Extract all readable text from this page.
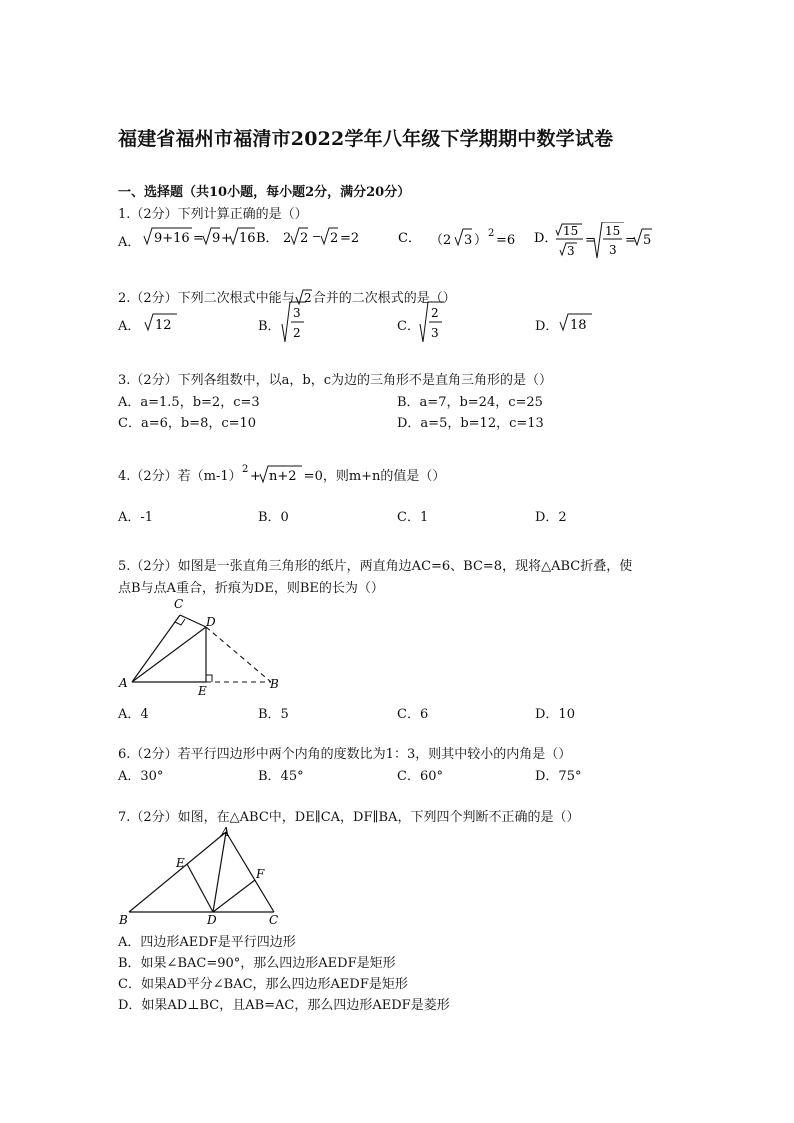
福建省福州市福清市2022学年八年级下学期期中数学试卷
一、选择题（共10小题，每小题2分，满分20分）
1.（2分）下列计算正确的是（）
A． 9+16 = 9 + 16 B． 2 2 − 2 =2	C． （2 3 ） 2 =6 D． 15
3
=
15
3
= 5
2.（2分）下列二次根式中能与 2 合并的二次根式的是（）
A． 12	B．
3
2	C．
2
3	D． 18
3.（2分）下列各组数中，以a，b，c为边的三角形不是直角三角形的是（）
A．a=1.5，b=2，c=3	B．a=7，b=24，c=25
C．a=6，b=8，c=10	D．a=5，b=12，c=13
4.（2分）若（m-1） 2 + n+2 =0，则m+n的值是（）
A．-1	B．0	C．1	D．2
5.（2分）如图是一张直角三角形的纸片，两直角边AC=6、BC=8，现将△ABC折叠，使
点B与点A重合，折痕为DE，则BE的长为（）
A	B
C
D
E
A．4	B．5	C．6	D．10
6.（2分）若平行四边形中两个内角的度数比为1：3，则其中较小的内角是（）
A．30°	B．45°	C．60°	D．75°
7.（2分）如图，在△ABC中，DE∥CA，DF∥BA，下列四个判断不正确的是（）
A
B	C
D
E
F
A．四边形AEDF是平行四边形
B．如果∠BAC=90°，那么四边形AEDF是矩形
C．如果AD平分∠BAC，那么四边形AEDF是矩形
D．如果AD⊥BC，且AB=AC，那么四边形AEDF是菱形
